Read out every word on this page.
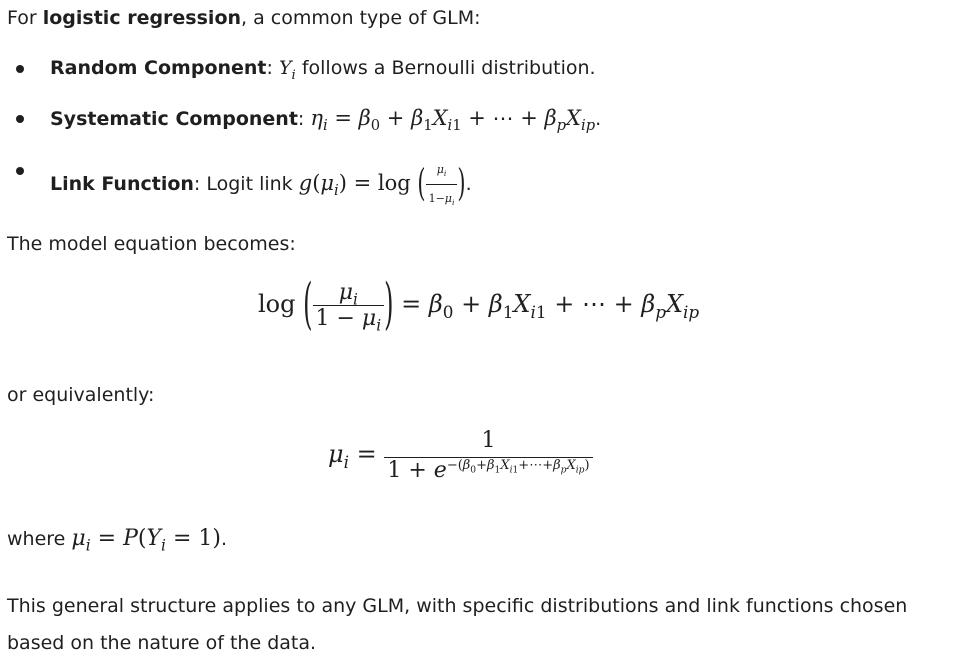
For logistic regression, a common type of GLM:
Random Component: $Y_i$ follows a Bernoulli distribution.
Systematic Component: $\eta_i = \beta_0 + \beta_1X_{i1}$ + ⋯ + $\beta_pX_{ip}$.
Link Function: Logit link $g(\mu_i) = \log$ ( $\frac{\mu_i}{1-\mu_i}$ ).
The model equation becomes:
log ( $\frac{\mu_i}{1 - \mu_i}$ ) = $\beta_0 + \beta_1X_{i1}$ + ⋯ + $\beta_pX_{ip}$
or equivalently:
$\mu_i = \frac{1}{1 + e^{-(\beta_0+\beta_1X_{i1}+\cdots+\beta_pX_{ip})}}$
where $\mu_i = P(Y_i = 1)$.
This general structure applies to any GLM, with specific distributions and link functions chosen
based on the nature of the data.
